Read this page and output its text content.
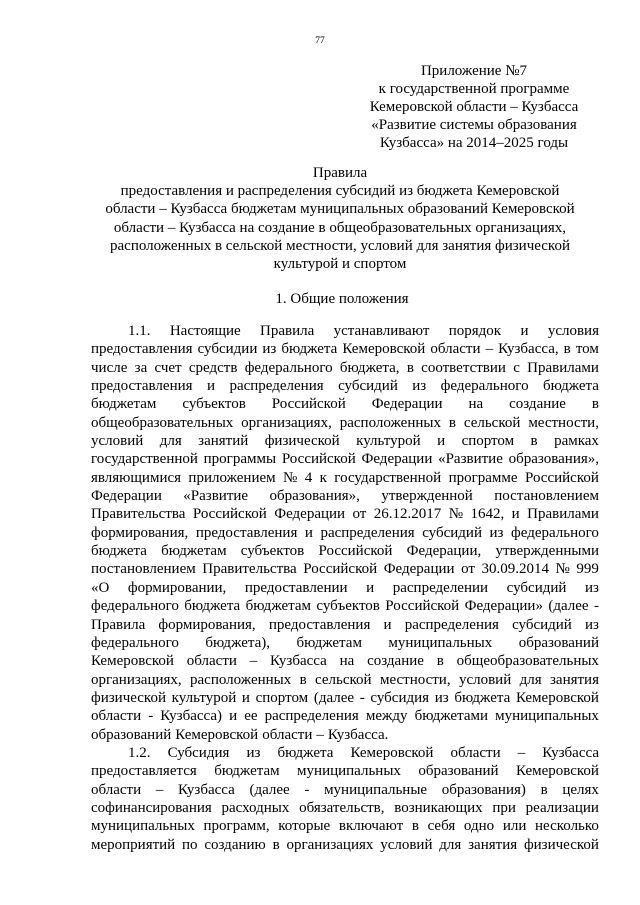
77
Приложение №7
к государственной программе
Кемеровской области – Кузбасса
«Развитие системы образования
Кузбасса» на 2014–2025 годы
Правила
предоставления и распределения субсидий из бюджета Кемеровской
области – Кузбасса бюджетам муниципальных образований Кемеровской
области – Кузбасса на создание в общеобразовательных организациях,
расположенных в сельской местности, условий для занятия физической
культурой и спортом
1. Общие положения
1.1. Настоящие Правила устанавливают порядок и условия
предоставления субсидии из бюджета Кемеровской области – Кузбасса, в том
числе за счет средств федерального бюджета, в соответствии с Правилами
предоставления и распределения субсидий из федерального бюджета
бюджетам субъектов Российской Федерации на создание в
общеобразовательных организациях, расположенных в сельской местности,
условий для занятий физической культурой и спортом в рамках
государственной программы Российской Федерации «Развитие образования»,
являющимися приложением № 4 к государственной программе Российской
Федерации «Развитие образования», утвержденной постановлением
Правительства Российской Федерации от 26.12.2017 № 1642, и Правилами
формирования, предоставления и распределения субсидий из федерального
бюджета бюджетам субъектов Российской Федерации, утвержденными
постановлением Правительства Российской Федерации от 30.09.2014 № 999
«О формировании, предоставлении и распределении субсидий из
федерального бюджета бюджетам субъектов Российской Федерации» (далее -
Правила формирования, предоставления и распределения субсидий из
федерального бюджета), бюджетам муниципальных образований
Кемеровской области – Кузбасса на создание в общеобразовательных
организациях, расположенных в сельской местности, условий для занятия
физической культурой и спортом (далее - субсидия из бюджета Кемеровской
области - Кузбасса) и ее распределения между бюджетами муниципальных
образований Кемеровской области – Кузбасса.
1.2. Субсидия из бюджета Кемеровской области – Кузбасса
предоставляется бюджетам муниципальных образований Кемеровской
области – Кузбасса (далее - муниципальные образования) в целях
софинансирования расходных обязательств, возникающих при реализации
муниципальных программ, которые включают в себя одно или несколько
мероприятий по созданию в организациях условий для занятия физической
